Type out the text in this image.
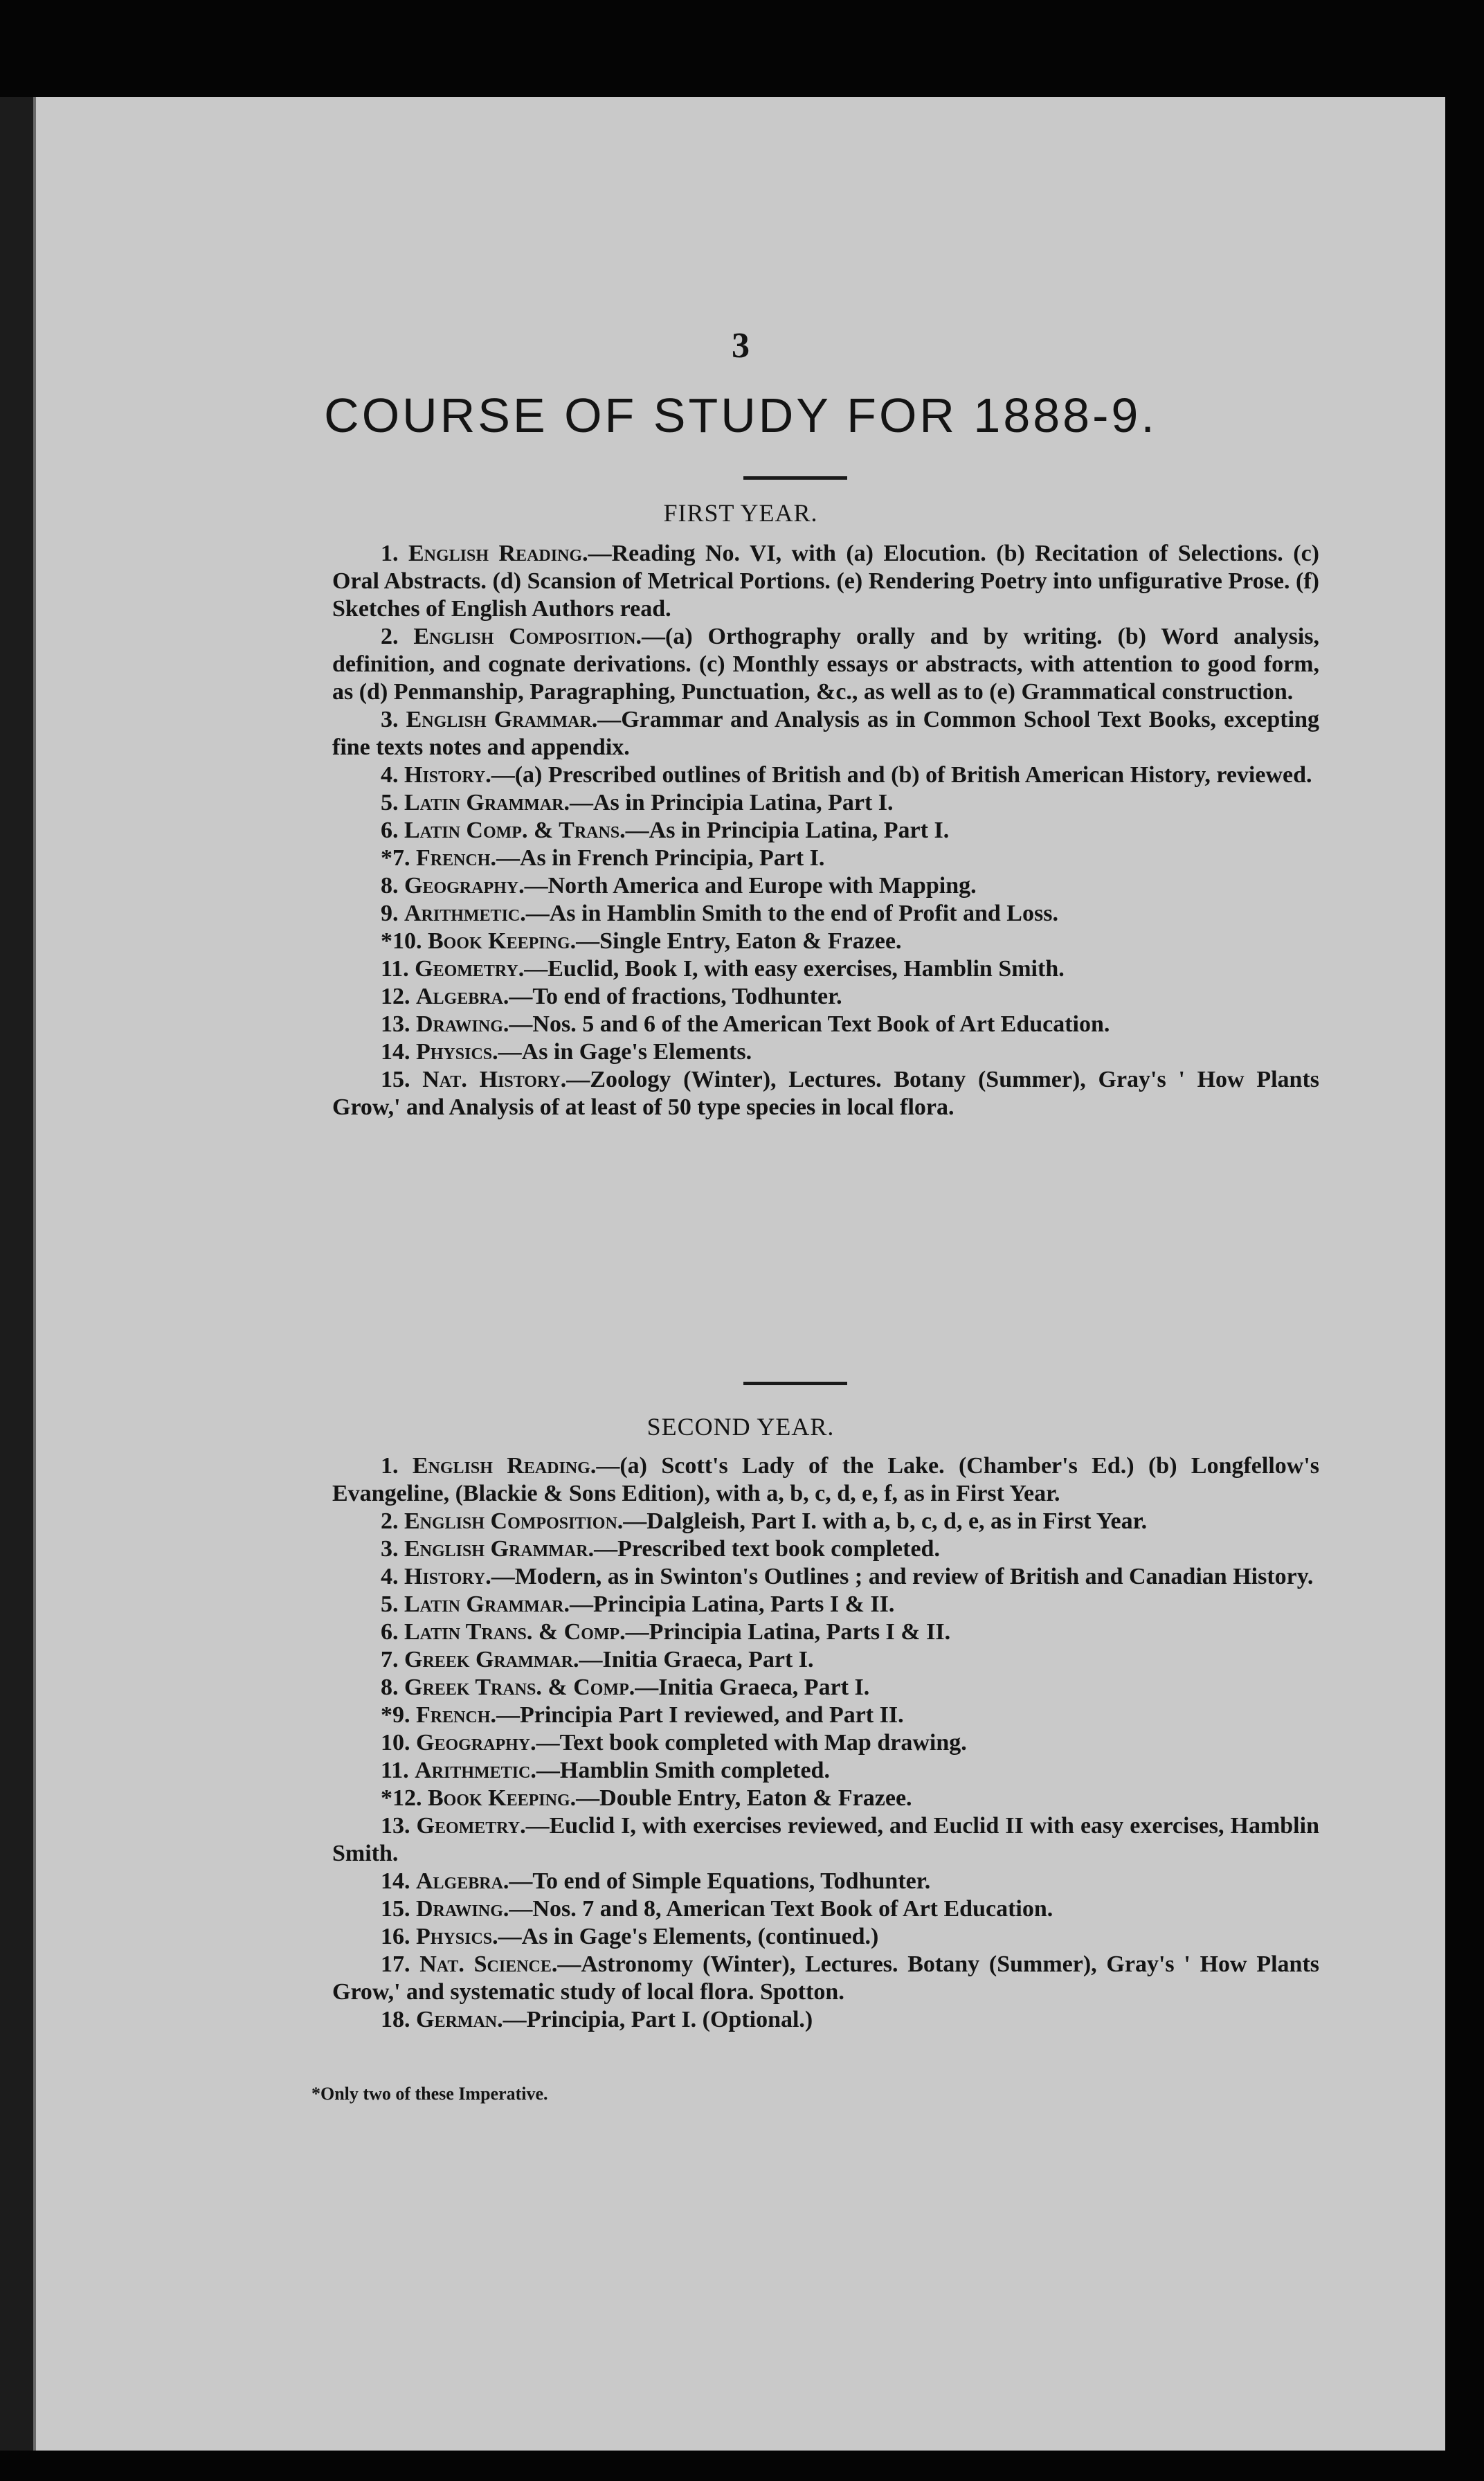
3
COURSE OF STUDY FOR 1888-9.
FIRST YEAR.

1. English Reading.—Reading No. VI, with (a) Elocution. (b) Recitation of Selections. (c) Oral Abstracts. (d) Scansion of Metrical Portions. (e) Rendering Poetry into unfigurative Prose. (f) Sketches of English Authors read.

2. English Composition.—(a) Orthography orally and by writing. (b) Word analysis, definition, and cognate derivations. (c) Monthly essays or abstracts, with attention to good form, as (d) Penmanship, Paragraphing, Punctuation, &c., as well as to (e) Grammatical construction.

3. English Grammar.—Grammar and Analysis as in Common School Text Books, excepting fine texts notes and appendix.

4. History.—(a) Prescribed outlines of British and (b) of British American History, reviewed.

5. Latin Grammar.—As in Principia Latina, Part I.

6. Latin Comp. & Trans.—As in Principia Latina, Part I.

*7. French.—As in French Principia, Part I.

8. Geography.—North America and Europe with Mapping.

9. Arithmetic.—As in Hamblin Smith to the end of Profit and Loss.

*10. Book Keeping.—Single Entry, Eaton & Frazee.

11. Geometry.—Euclid, Book I, with easy exercises, Hamblin Smith.

12. Algebra.—To end of fractions, Todhunter.

13. Drawing.—Nos. 5 and 6 of the American Text Book of Art Education.

14. Physics.—As in Gage's Elements.

15. Nat. History.—Zoology (Winter), Lectures. Botany (Summer), Gray's ' How Plants Grow,' and Analysis of at least of 50 type species in local flora.

SECOND YEAR.

1. English Reading.—(a) Scott's Lady of the Lake. (Chamber's Ed.) (b) Longfellow's Evangeline, (Blackie & Sons Edition), with a, b, c, d, e, f, as in First Year.

2. English Composition.—Dalgleish, Part I. with a, b, c, d, e, as in First Year.

3. English Grammar.—Prescribed text book completed.

4. History.—Modern, as in Swinton's Outlines ; and review of British and Canadian History.

5. Latin Grammar.—Principia Latina, Parts I & II.

6. Latin Trans. & Comp.—Principia Latina, Parts I & II.

7. Greek Grammar.—Initia Graeca, Part I.

8. Greek Trans. & Comp.—Initia Graeca, Part I.

*9. French.—Principia Part I reviewed, and Part II.

10. Geography.—Text book completed with Map drawing.

11. Arithmetic.—Hamblin Smith completed.

*12. Book Keeping.—Double Entry, Eaton & Frazee.

13. Geometry.—Euclid I, with exercises reviewed, and Euclid II with easy exercises, Hamblin Smith.

14. Algebra.—To end of Simple Equations, Todhunter.

15. Drawing.—Nos. 7 and 8, American Text Book of Art Education.

16. Physics.—As in Gage's Elements, (continued.)

17. Nat. Science.—Astronomy (Winter), Lectures. Botany (Summer), Gray's ' How Plants Grow,' and systematic study of local flora. Spotton.

18. German.—Principia, Part I. (Optional.)

*Only two of these Imperative.
